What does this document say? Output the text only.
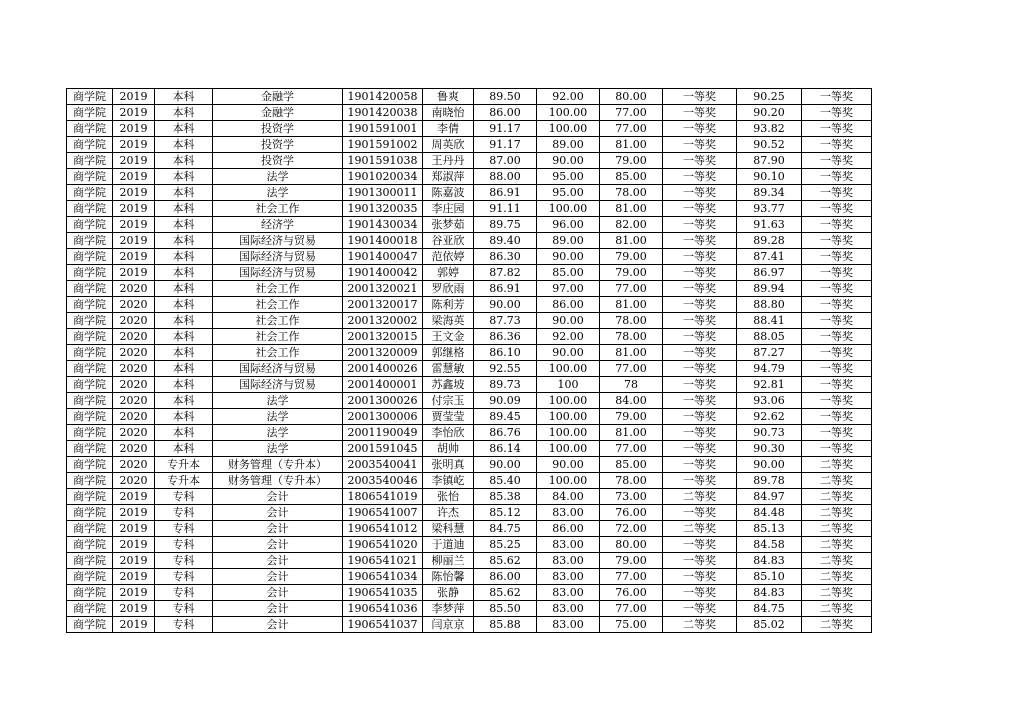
商学院	2019	本科	金融学	1901420058	鲁爽	89.50	92.00	80.00	一等奖	90.25	一等奖
商学院	2019	本科	金融学	1901420038	南晓怡	86.00	100.00	77.00	一等奖	90.20	一等奖
商学院	2019	本科	投资学	1901591001	李倩	91.17	100.00	77.00	一等奖	93.82	一等奖
商学院	2019	本科	投资学	1901591002	周英欣	91.17	89.00	81.00	一等奖	90.52	一等奖
商学院	2019	本科	投资学	1901591038	王丹丹	87.00	90.00	79.00	一等奖	87.90	一等奖
商学院	2019	本科	法学	1901020034	郑淑萍	88.00	95.00	85.00	一等奖	90.10	一等奖
商学院	2019	本科	法学	1901300011	陈嘉波	86.91	95.00	78.00	一等奖	89.34	一等奖
商学院	2019	本科	社会工作	1901320035	李庄园	91.11	100.00	81.00	一等奖	93.77	一等奖
商学院	2019	本科	经济学	1901430034	张梦茹	89.75	96.00	82.00	一等奖	91.63	一等奖
商学院	2019	本科	国际经济与贸易	1901400018	谷亚欣	89.40	89.00	81.00	一等奖	89.28	一等奖
商学院	2019	本科	国际经济与贸易	1901400047	范依婷	86.30	90.00	79.00	一等奖	87.41	一等奖
商学院	2019	本科	国际经济与贸易	1901400042	郭婷	87.82	85.00	79.00	一等奖	86.97	一等奖
商学院	2020	本科	社会工作	2001320021	罗欣雨	86.91	97.00	77.00	一等奖	89.94	一等奖
商学院	2020	本科	社会工作	2001320017	陈利芳	90.00	86.00	81.00	一等奖	88.80	一等奖
商学院	2020	本科	社会工作	2001320002	梁海英	87.73	90.00	78.00	一等奖	88.41	一等奖
商学院	2020	本科	社会工作	2001320015	王文金	86.36	92.00	78.00	一等奖	88.05	一等奖
商学院	2020	本科	社会工作	2001320009	郭继格	86.10	90.00	81.00	一等奖	87.27	一等奖
商学院	2020	本科	国际经济与贸易	2001400026	雷慧敏	92.55	100.00	77.00	一等奖	94.79	一等奖
商学院	2020	本科	国际经济与贸易	2001400001	苏鑫坡	89.73	100	78	一等奖	92.81	一等奖
商学院	2020	本科	法学	2001300026	付宗玉	90.09	100.00	84.00	一等奖	93.06	一等奖
商学院	2020	本科	法学	2001300006	贾莹莹	89.45	100.00	79.00	一等奖	92.62	一等奖
商学院	2020	本科	法学	2001190049	李怡欣	86.76	100.00	81.00	一等奖	90.73	一等奖
商学院	2020	本科	法学	2001591045	胡帅	86.14	100.00	77.00	一等奖	90.30	一等奖
商学院	2020	专升本	财务管理（专升本）	2003540041	张明真	90.00	90.00	85.00	一等奖	90.00	二等奖
商学院	2020	专升本	财务管理（专升本）	2003540046	李镇屹	85.40	100.00	78.00	一等奖	89.78	二等奖
商学院	2019	专科	会计	1806541019	张怡	85.38	84.00	73.00	二等奖	84.97	二等奖
商学院	2019	专科	会计	1906541007	许杰	85.12	83.00	76.00	一等奖	84.48	二等奖
商学院	2019	专科	会计	1906541012	梁科慧	84.75	86.00	72.00	二等奖	85.13	二等奖
商学院	2019	专科	会计	1906541020	于道迪	85.25	83.00	80.00	一等奖	84.58	二等奖
商学院	2019	专科	会计	1906541021	柳丽兰	85.62	83.00	79.00	一等奖	84.83	二等奖
商学院	2019	专科	会计	1906541034	陈怡馨	86.00	83.00	77.00	一等奖	85.10	二等奖
商学院	2019	专科	会计	1906541035	张静	85.62	83.00	76.00	一等奖	84.83	二等奖
商学院	2019	专科	会计	1906541036	李梦萍	85.50	83.00	77.00	一等奖	84.75	二等奖
商学院	2019	专科	会计	1906541037	闫京京	85.88	83.00	75.00	二等奖	85.02	二等奖
